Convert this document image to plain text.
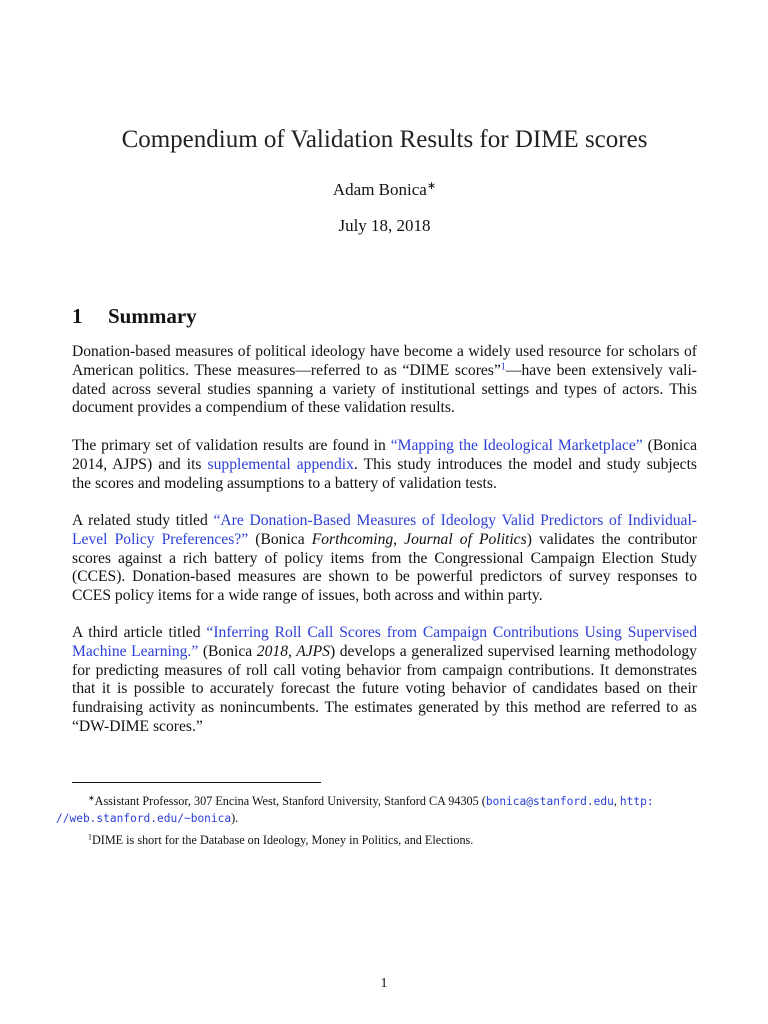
Compendium of Validation Results for DIME scores
Adam Bonica∗
July 18, 2018
1 Summary
Donation-based measures of political ideology have become a widely used resource for scholars of
American politics. These measures—referred to as “DIME scores”$^1$—have been extensively vali-
dated across several studies spanning a variety of institutional settings and types of actors. This
document provides a compendium of these validation results.
The primary set of validation results are found in “Mapping the Ideological Marketplace” (Bonica
2014, AJPS) and its supplemental appendix. This study introduces the model and study subjects
the scores and modeling assumptions to a battery of validation tests.
A related study titled “Are Donation-Based Measures of Ideology Valid Predictors of Individual-
Level Policy Preferences?” (Bonica Forthcoming, Journal of Politics) validates the contributor
scores against a rich battery of policy items from the Congressional Campaign Election Study
(CCES). Donation-based measures are shown to be powerful predictors of survey responses to
CCES policy items for a wide range of issues, both across and within party.
A third article titled “Inferring Roll Call Scores from Campaign Contributions Using Supervised
Machine Learning.” (Bonica 2018, AJPS) develops a generalized supervised learning methodology
for predicting measures of roll call voting behavior from campaign contributions. It demonstrates
that it is possible to accurately forecast the future voting behavior of candidates based on their
fundraising activity as nonincumbents. The estimates generated by this method are referred to as
“DW-DIME scores.”
∗Assistant Professor, 307 Encina West, Stanford University, Stanford CA 94305 (bonica@stanford.edu, http:
//web.stanford.edu/~bonica).
$^1$DIME is short for the Database on Ideology, Money in Politics, and Elections.
1
